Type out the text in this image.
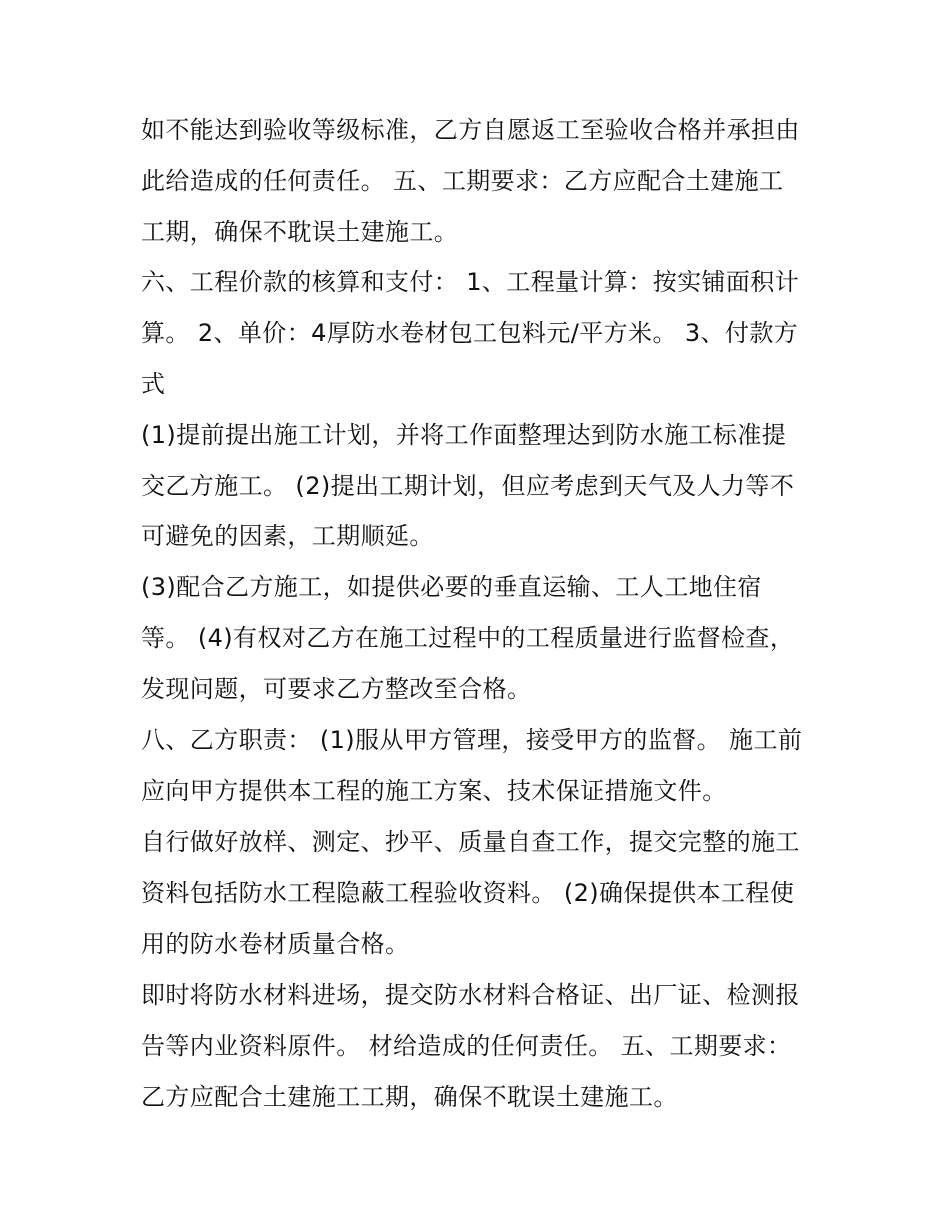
如不能达到验收等级标准，乙方自愿返工至验收合格并承担由
此给造成的任何责任。 五、工期要求：乙方应配合土建施工
工期，确保不耽误土建施工。
六、工程价款的核算和支付： 1、工程量计算：按实铺面积计
算。 2、单价：4厚防水卷材包工包料元/平方米。 3、付款方
式
(1)提前提出施工计划，并将工作面整理达到防水施工标准提
交乙方施工。 (2)提出工期计划，但应考虑到天气及人力等不
可避免的因素，工期顺延。
(3)配合乙方施工，如提供必要的垂直运输、工人工地住宿
等。 (4)有权对乙方在施工过程中的工程质量进行监督检查，
发现问题，可要求乙方整改至合格。
八、乙方职责： (1)服从甲方管理，接受甲方的监督。 施工前
应向甲方提供本工程的施工方案、技术保证措施文件。
自行做好放样、测定、抄平、质量自查工作，提交完整的施工
资料包括防水工程隐蔽工程验收资料。 (2)确保提供本工程使
用的防水卷材质量合格。
即时将防水材料进场，提交防水材料合格证、出厂证、检测报
告等内业资料原件。 材给造成的任何责任。 五、工期要求：
乙方应配合土建施工工期，确保不耽误土建施工。
